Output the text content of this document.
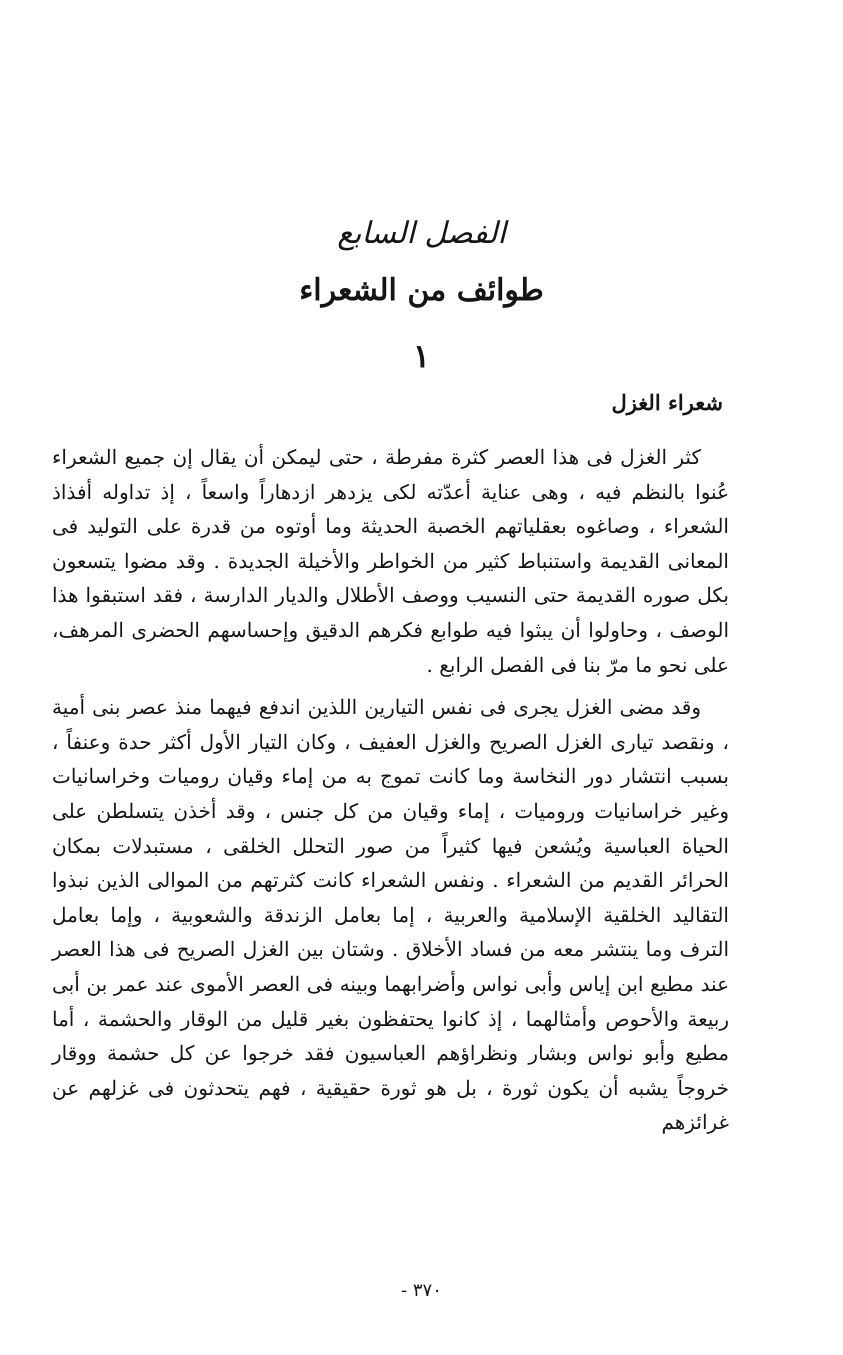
الفصل السابع
طوائف من الشعراء
١
شعراء الغزل

كثر الغزل فى هذا العصر كثرة مفرطة ، حتى ليمكن أن يقال إن جميع الشعراء عُنوا بالنظم فيه ، وهى عناية أعدّته لكى يزدهر ازدهاراً واسعاً ، إذ تداوله أفذاذ الشعراء ، وصاغوه بعقلياتهم الخصبة الحديثة وما أوتوه من قدرة على التوليد فى المعانى القديمة واستنباط كثير من الخواطر والأخيلة الجديدة . وقد مضوا يتسعون بكل صوره القديمة حتى النسيب ووصف الأطلال والديار الدارسة ، فقد استبقوا هذا الوصف ، وحاولوا أن يبثوا فيه طوابع فكرهم الدقيق وإحساسهم الحضرى المرهف، على نحو ما مرّ بنا فى الفصل الرابع .

وقد مضى الغزل يجرى فى نفس التيارين اللذين اندفع فيهما منذ عصر بنى أمية ، ونقصد تيارى الغزل الصريح والغزل العفيف ، وكان التيار الأول أكثر حدة وعنفاً ، بسبب انتشار دور النخاسة وما كانت تموج به من إماء وقيان روميات وخراسانيات وغير خراسانيات وروميات ، إماء وقيان من كل جنس ، وقد أخذن يتسلطن على الحياة العباسية ويُشعن فيها كثيراً من صور التحلل الخلقى ، مستبدلات بمكان الحرائر القديم من الشعراء . ونفس الشعراء كانت كثرتهم من الموالى الذين نبذوا التقاليد الخلقية الإسلامية والعربية ، إما بعامل الزندقة والشعوبية ، وإما بعامل الترف وما ينتشر معه من فساد الأخلاق . وشتان بين الغزل الصريح فى هذا العصر عند مطيع ابن إياس وأبى نواس وأضرابهما وبينه فى العصر الأموى عند عمر بن أبى ربيعة والأحوص وأمثالهما ، إذ كانوا يحتفظون بغير قليل من الوقار والحشمة ، أما مطيع وأبو نواس وبشار ونظراؤهم العباسيون فقد خرجوا عن كل حشمة ووقار خروجاً يشبه أن يكون ثورة ، بل هو ثورة حقيقية ، فهم يتحدثون فى غزلهم عن غرائزهم

٣٧٠ -
